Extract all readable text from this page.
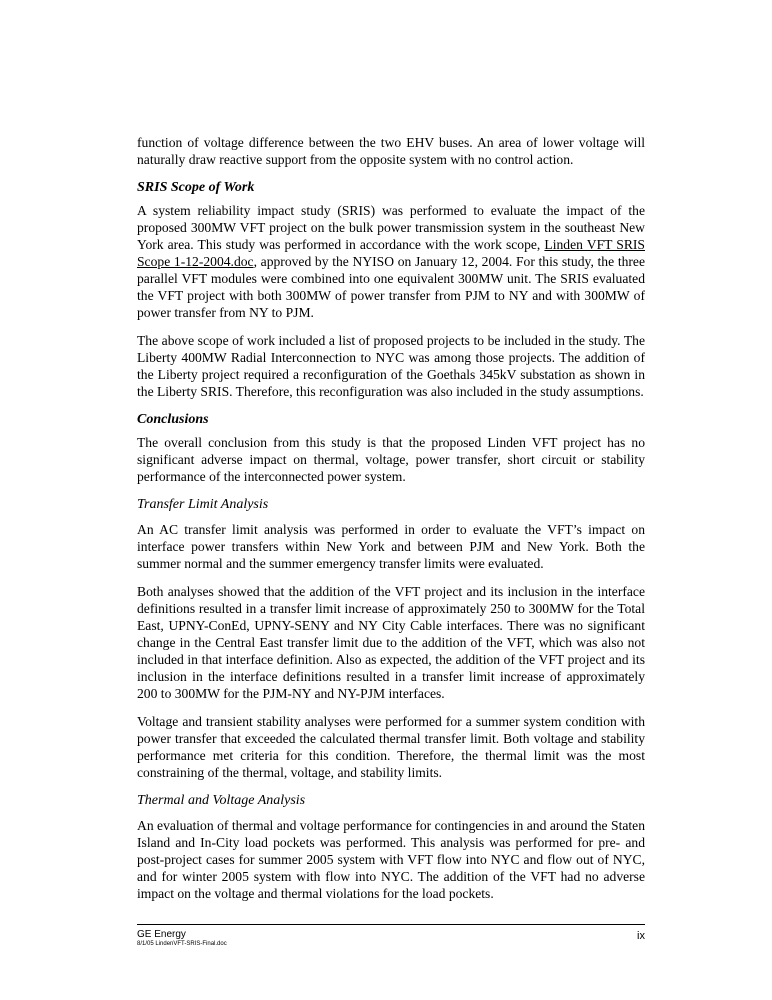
function of voltage difference between the two EHV buses. An area of lower voltage will naturally draw reactive support from the opposite system with no control action.

SRIS Scope of Work

A system reliability impact study (SRIS) was performed to evaluate the impact of the proposed 300MW VFT project on the bulk power transmission system in the southeast New York area. This study was performed in accordance with the work scope, Linden VFT SRIS Scope 1-12-2004.doc, approved by the NYISO on January 12, 2004. For this study, the three parallel VFT modules were combined into one equivalent 300MW unit. The SRIS evaluated the VFT project with both 300MW of power transfer from PJM to NY and with 300MW of power transfer from NY to PJM.

The above scope of work included a list of proposed projects to be included in the study. The Liberty 400MW Radial Interconnection to NYC was among those projects. The addition of the Liberty project required a reconfiguration of the Goethals 345kV substation as shown in the Liberty SRIS. Therefore, this reconfiguration was also included in the study assumptions.

Conclusions

The overall conclusion from this study is that the proposed Linden VFT project has no significant adverse impact on thermal, voltage, power transfer, short circuit or stability performance of the interconnected power system.

Transfer Limit Analysis

An AC transfer limit analysis was performed in order to evaluate the VFT’s impact on interface power transfers within New York and between PJM and New York. Both the summer normal and the summer emergency transfer limits were evaluated.

Both analyses showed that the addition of the VFT project and its inclusion in the interface definitions resulted in a transfer limit increase of approximately 250 to 300MW for the Total East, UPNY-ConEd, UPNY-SENY and NY City Cable interfaces. There was no significant change in the Central East transfer limit due to the addition of the VFT, which was also not included in that interface definition. Also as expected, the addition of the VFT project and its inclusion in the interface definitions resulted in a transfer limit increase of approximately 200 to 300MW for the PJM-NY and NY-PJM interfaces.

Voltage and transient stability analyses were performed for a summer system condition with power transfer that exceeded the calculated thermal transfer limit. Both voltage and stability performance met criteria for this condition. Therefore, the thermal limit was the most constraining of the thermal, voltage, and stability limits.

Thermal and Voltage Analysis

An evaluation of thermal and voltage performance for contingencies in and around the Staten Island and In-City load pockets was performed. This analysis was performed for pre- and post-project cases for summer 2005 system with VFT flow into NYC and flow out of NYC, and for winter 2005 system with flow into NYC. The addition of the VFT had no adverse impact on the voltage and thermal violations for the load pockets.

GE Energy
8/1/05 LindenVFT-SRIS-Final.doc
ix
